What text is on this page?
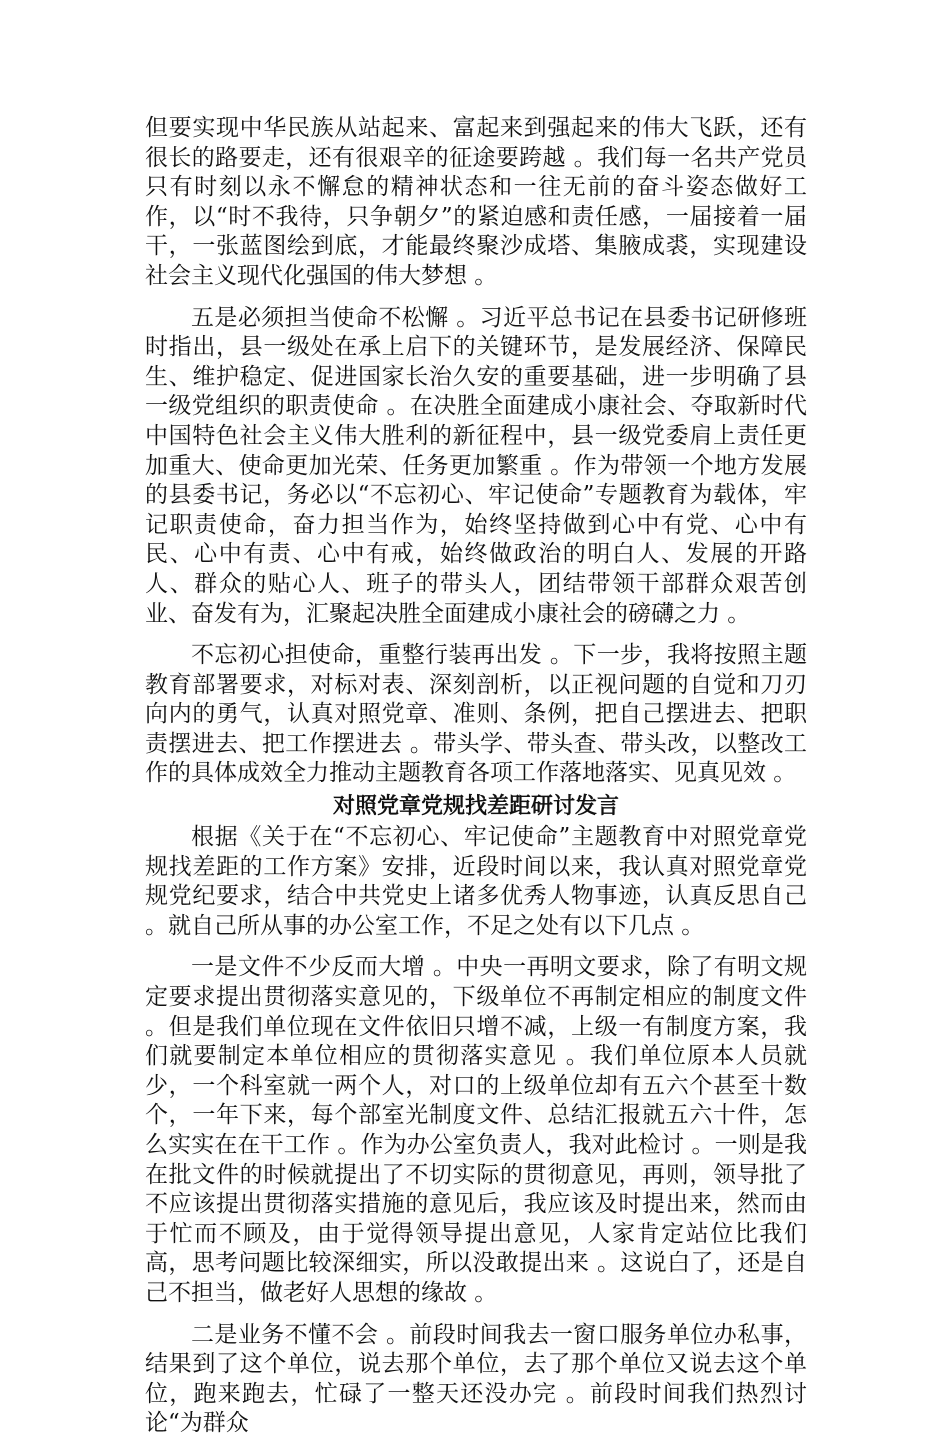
但要实现中华民族从站起来、富起来到强起来的伟大飞跃，还有很长的路要走，还有很艰辛的征途要跨越 。我们每一名共产党员只有时刻以永不懈怠的精神状态和一往无前的奋斗姿态做好工作，以“时不我待，只争朝夕”的紧迫感和责任感，一届接着一届干，一张蓝图绘到底，才能最终聚沙成塔、集腋成裘，实现建设社会主义现代化强国的伟大梦想 。

五是必须担当使命不松懈 。习近平总书记在县委书记研修班时指出，县一级处在承上启下的关键环节，是发展经济、保障民生、维护稳定、促进国家长治久安的重要基础，进一步明确了县一级党组织的职责使命 。在决胜全面建成小康社会、夺取新时代中国特色社会主义伟大胜利的新征程中，县一级党委肩上责任更加重大、使命更加光荣、任务更加繁重 。作为带领一个地方发展的县委书记，务必以“不忘初心、牢记使命”专题教育为载体，牢记职责使命，奋力担当作为，始终坚持做到心中有党、心中有民、心中有责、心中有戒，始终做政治的明白人、发展的开路人、群众的贴心人、班子的带头人，团结带领干部群众艰苦创业、奋发有为，汇聚起决胜全面建成小康社会的磅礴之力 。

不忘初心担使命，重整行装再出发 。下一步，我将按照主题教育部署要求，对标对表、深刻剖析，以正视问题的自觉和刀刃向内的勇气，认真对照党章、准则、条例，把自己摆进去、把职责摆进去、把工作摆进去 。带头学、带头查、带头改，以整改工作的具体成效全力推动主题教育各项工作落地落实、见真见效 。

对照党章党规找差距研讨发言

根据《关于在“不忘初心、牢记使命”主题教育中对照党章党规找差距的工作方案》安排，近段时间以来，我认真对照党章党规党纪要求，结合中共党史上诸多优秀人物事迹，认真反思自己 。就自己所从事的办公室工作，不足之处有以下几点 。

一是文件不少反而大增 。中央一再明文要求，除了有明文规定要求提出贯彻落实意见的，下级单位不再制定相应的制度文件 。但是我们单位现在文件依旧只增不减，上级一有制度方案，我们就要制定本单位相应的贯彻落实意见 。我们单位原本人员就少，一个科室就一两个人，对口的上级单位却有五六个甚至十数个，一年下来，每个部室光制度文件、总结汇报就五六十件，怎么实实在在干工作 。作为办公室负责人，我对此检讨 。一则是我在批文件的时候就提出了不切实际的贯彻意见，再则，领导批了不应该提出贯彻落实措施的意见后，我应该及时提出来，然而由于忙而不顾及，由于觉得领导提出意见，人家肯定站位比我们高，思考问题比较深细实，所以没敢提出来 。这说白了，还是自己不担当，做老好人思想的缘故 。

二是业务不懂不会 。前段时间我去一窗口服务单位办私事，结果到了这个单位，说去那个单位，去了那个单位又说去这个单位，跑来跑去，忙碌了一整天还没办完 。前段时间我们热烈讨论“为群众
